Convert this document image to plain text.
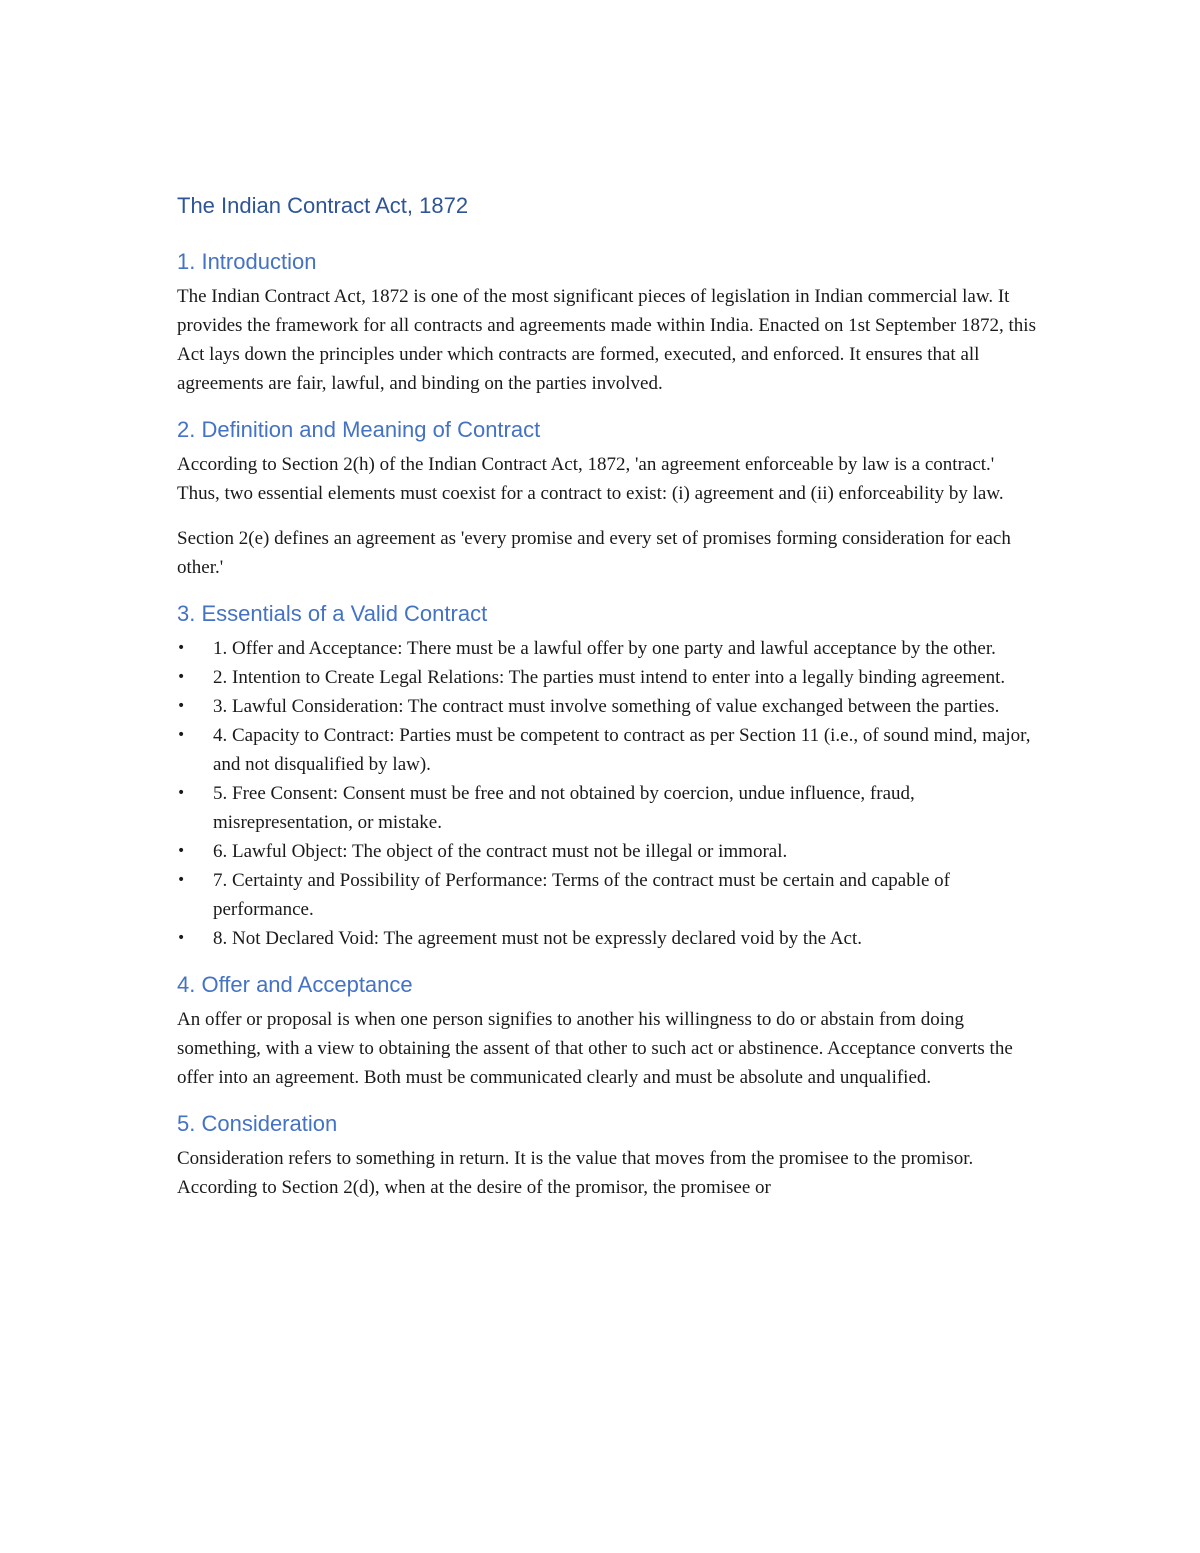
The Indian Contract Act, 1872
1. Introduction

The Indian Contract Act, 1872 is one of the most significant pieces of legislation in Indian commercial law. It provides the framework for all contracts and agreements made within India. Enacted on 1st September 1872, this Act lays down the principles under which contracts are formed, executed, and enforced. It ensures that all agreements are fair, lawful, and binding on the parties involved.

2. Definition and Meaning of Contract

According to Section 2(h) of the Indian Contract Act, 1872, 'an agreement enforceable by law is a contract.' Thus, two essential elements must coexist for a contract to exist: (i) agreement and (ii) enforceability by law.

Section 2(e) defines an agreement as 'every promise and every set of promises forming consideration for each other.'

3. Essentials of a Valid Contract
• 1. Offer and Acceptance: There must be a lawful offer by one party and lawful acceptance by the other.
• 2. Intention to Create Legal Relations: The parties must intend to enter into a legally binding agreement.
• 3. Lawful Consideration: The contract must involve something of value exchanged between the parties.
• 4. Capacity to Contract: Parties must be competent to contract as per Section 11 (i.e., of sound mind, major, and not disqualified by law).
• 5. Free Consent: Consent must be free and not obtained by coercion, undue influence, fraud, misrepresentation, or mistake.
• 6. Lawful Object: The object of the contract must not be illegal or immoral.
• 7. Certainty and Possibility of Performance: Terms of the contract must be certain and capable of performance.
• 8. Not Declared Void: The agreement must not be expressly declared void by the Act.
4. Offer and Acceptance

An offer or proposal is when one person signifies to another his willingness to do or abstain from doing something, with a view to obtaining the assent of that other to such act or abstinence. Acceptance converts the offer into an agreement. Both must be communicated clearly and must be absolute and unqualified.

5. Consideration

Consideration refers to something in return. It is the value that moves from the promisee to the promisor. According to Section 2(d), when at the desire of the promisor, the promisee or
